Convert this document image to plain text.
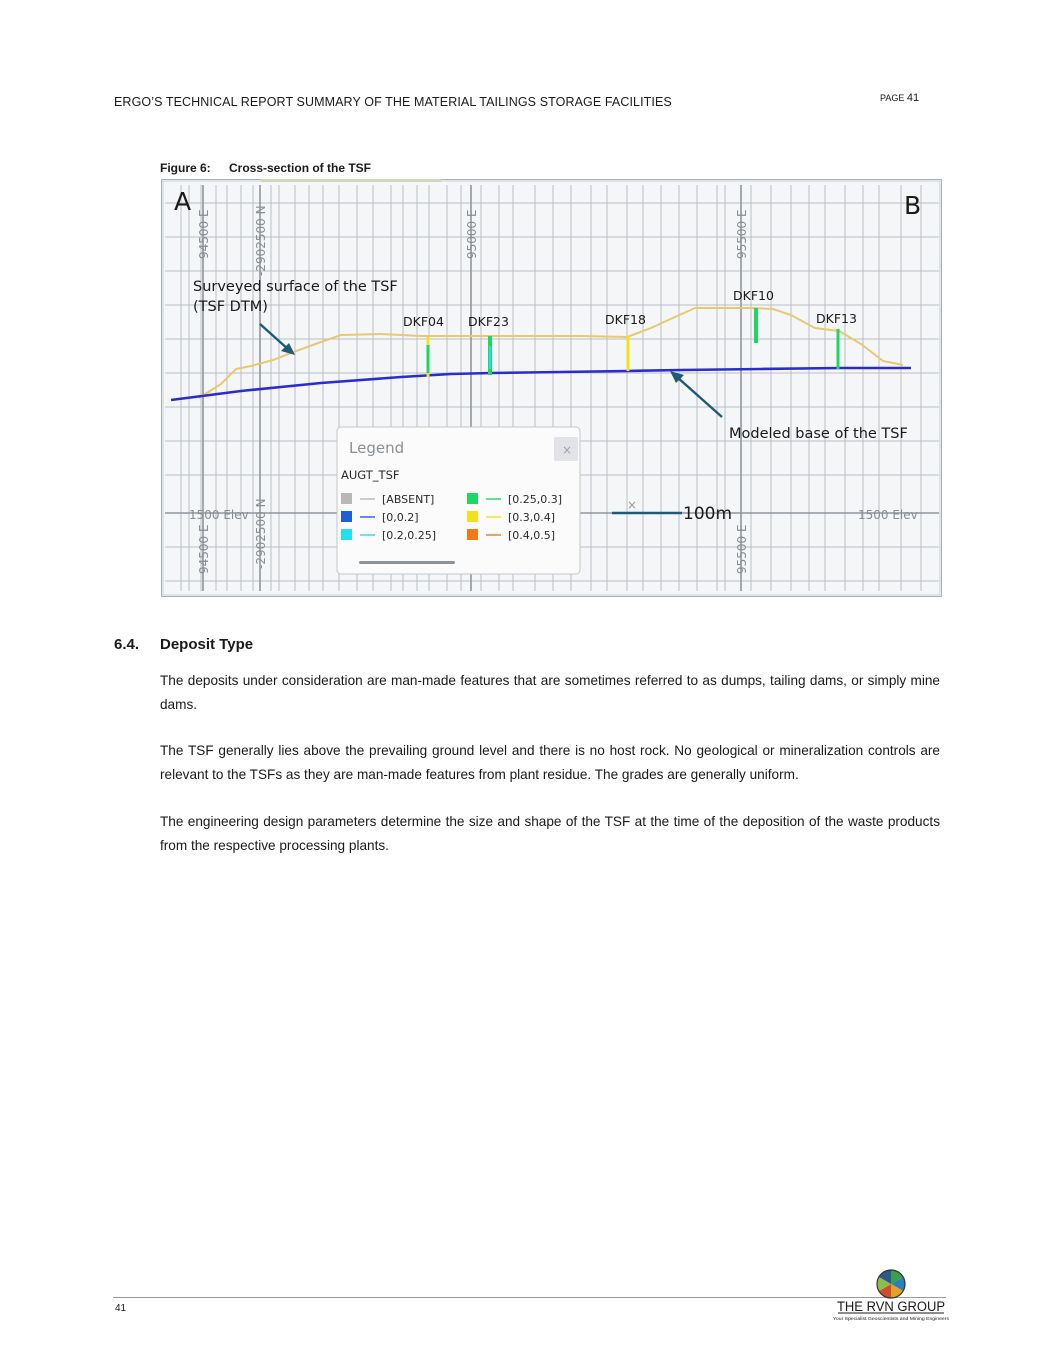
ERGO’S TECHNICAL REPORT SUMMARY OF THE MATERIAL TAILINGS STORAGE FACILITIES	PAGE 41
Figure 6: Cross-section of the TSF
A	B
94500 E	-2902500 N	95000 E	95500 E
94500 E	-2902500 N	95500 E
1500 Elev	1500 Elev
DKF04 DKF23	DKF18
DKF10
DKF13
Surveyed surface of the TSF
(TSF DTM)
Modeled base of the TSF
×	100m
Legend	×
AUGT_TSF
[ABSENT]
[0,0.2]
[0.2,0.25]
[0.25,0.3]
[0.3,0.4]
[0.4,0.5]
6.4. Deposit Type

The deposits under consideration are man-made features that are sometimes referred to as dumps, tailing dams, or simply mine dams.

The TSF generally lies above the prevailing ground level and there is no host rock. No geological or mineralization controls are relevant to the TSFs as they are man-made features from plant residue. The grades are generally uniform.

The engineering design parameters determine the size and shape of the TSF at the time of the deposition of the waste products from the respective processing plants.

41	THE RVN GROUP
Your Specialist Geoscientists and Mining Engineers
